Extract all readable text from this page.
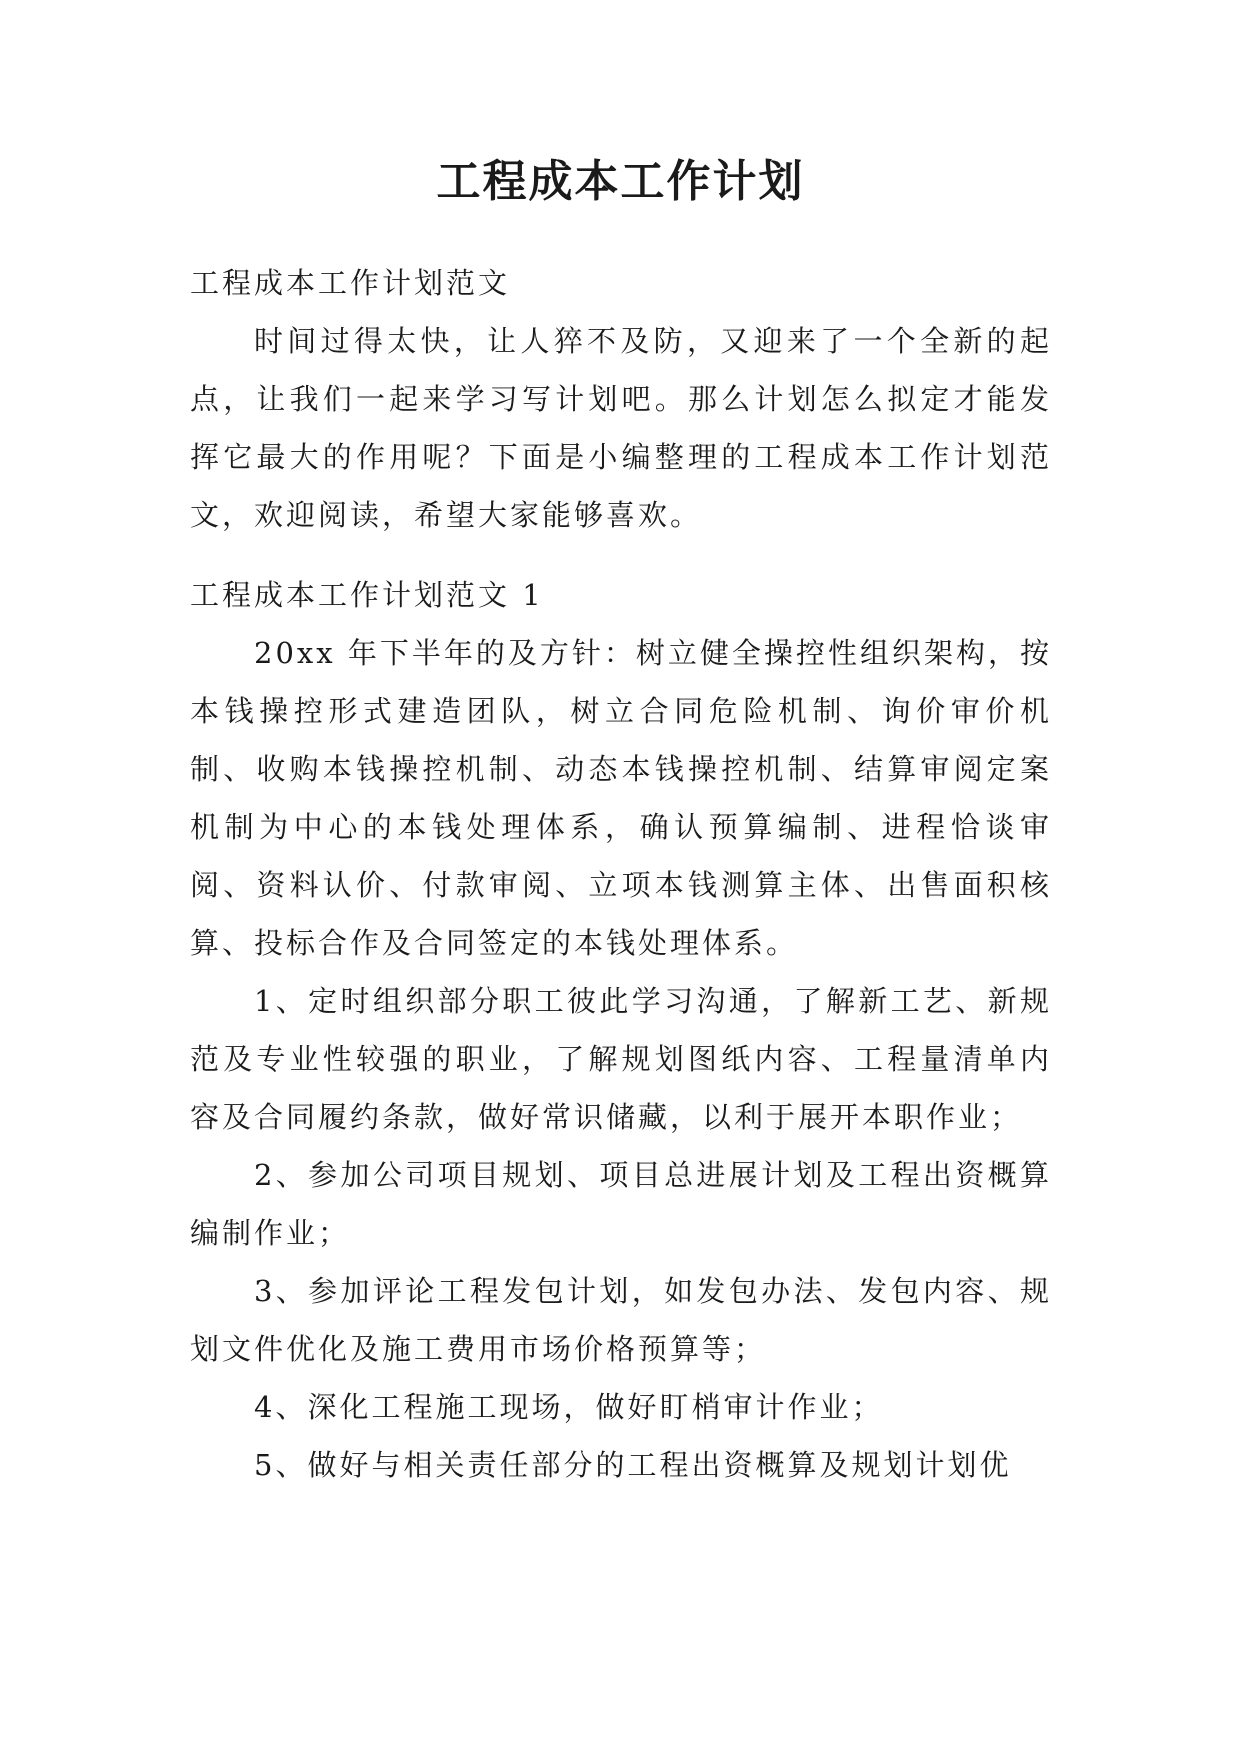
工程成本工作计划

工程成本工作计划范文

时间过得太快，让人猝不及防，又迎来了一个全新的起点，让我们一起来学习写计划吧。那么计划怎么拟定才能发挥它最大的作用呢？下面是小编整理的工程成本工作计划范文，欢迎阅读，希望大家能够喜欢。

工程成本工作计划范文 1

20xx 年下半年的及方针：树立健全操控性组织架构，按本钱操控形式建造团队，树立合同危险机制、询价审价机制、收购本钱操控机制、动态本钱操控机制、结算审阅定案机制为中心的本钱处理体系，确认预算编制、进程恰谈审阅、资料认价、付款审阅、立项本钱测算主体、出售面积核算、投标合作及合同签定的本钱处理体系。

1、定时组织部分职工彼此学习沟通，了解新工艺、新规范及专业性较强的职业，了解规划图纸内容、工程量清单内容及合同履约条款，做好常识储藏，以利于展开本职作业；

2、参加公司项目规划、项目总进展计划及工程出资概算编制作业；

3、参加评论工程发包计划，如发包办法、发包内容、规划文件优化及施工费用市场价格预算等；

4、深化工程施工现场，做好盯梢审计作业；

5、做好与相关责任部分的工程出资概算及规划计划优
